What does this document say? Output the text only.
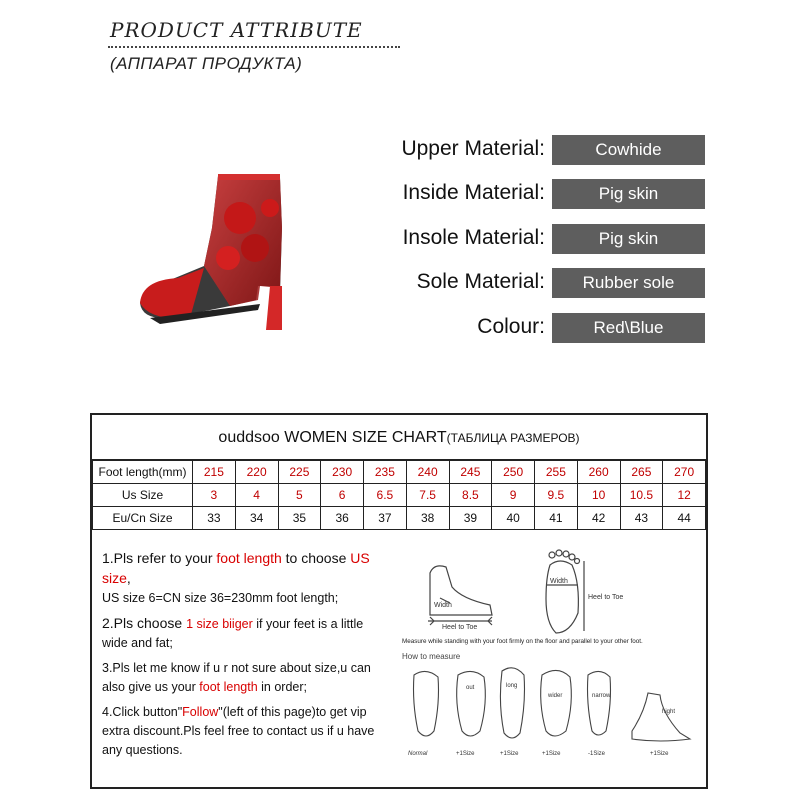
PRODUCT ATTRIBUTE
(АППАРАТ ПРОДУКТА)
Upper Material:	Cowhide
Inside Material:	Pig skin
Insole Material:	Pig skin
Sole Material:	Rubber sole
Colour:	Red\Blue
ouddsoo WOMEN SIZE CHART(ТАБЛИЦА РАЗМЕРОВ)
Foot length(mm)	215	220	225	230	235	240	245	250	255	260	265	270
Us Size	3	4	5	6	6.5	7.5	8.5	9	9.5	10	10.5	12
Eu/Cn Size	33	34	35	36	37	38	39	40	41	42	43	44

1.Pls refer to your foot length to choose US size,
US size 6=CN size 36=230mm foot length;

2.Pls choose 1 size biiger if your feet is a little wide and fat;

3.Pls let me know if u r not sure about size,u can also give us your foot length in order;

4.Click button"Follow"(left of this page)to get vip extra discount.Pls feel free to contact us if u have any questions.

Width
Heel to Toe
Width
Heel to Toe
Measure while standing with your foot firmly on the floor and parallel to your other foot.
How to measure
out	long
wider	narrow
hight
Normal	+1Size	+1Size	+1Size	-1Size	+1Size
